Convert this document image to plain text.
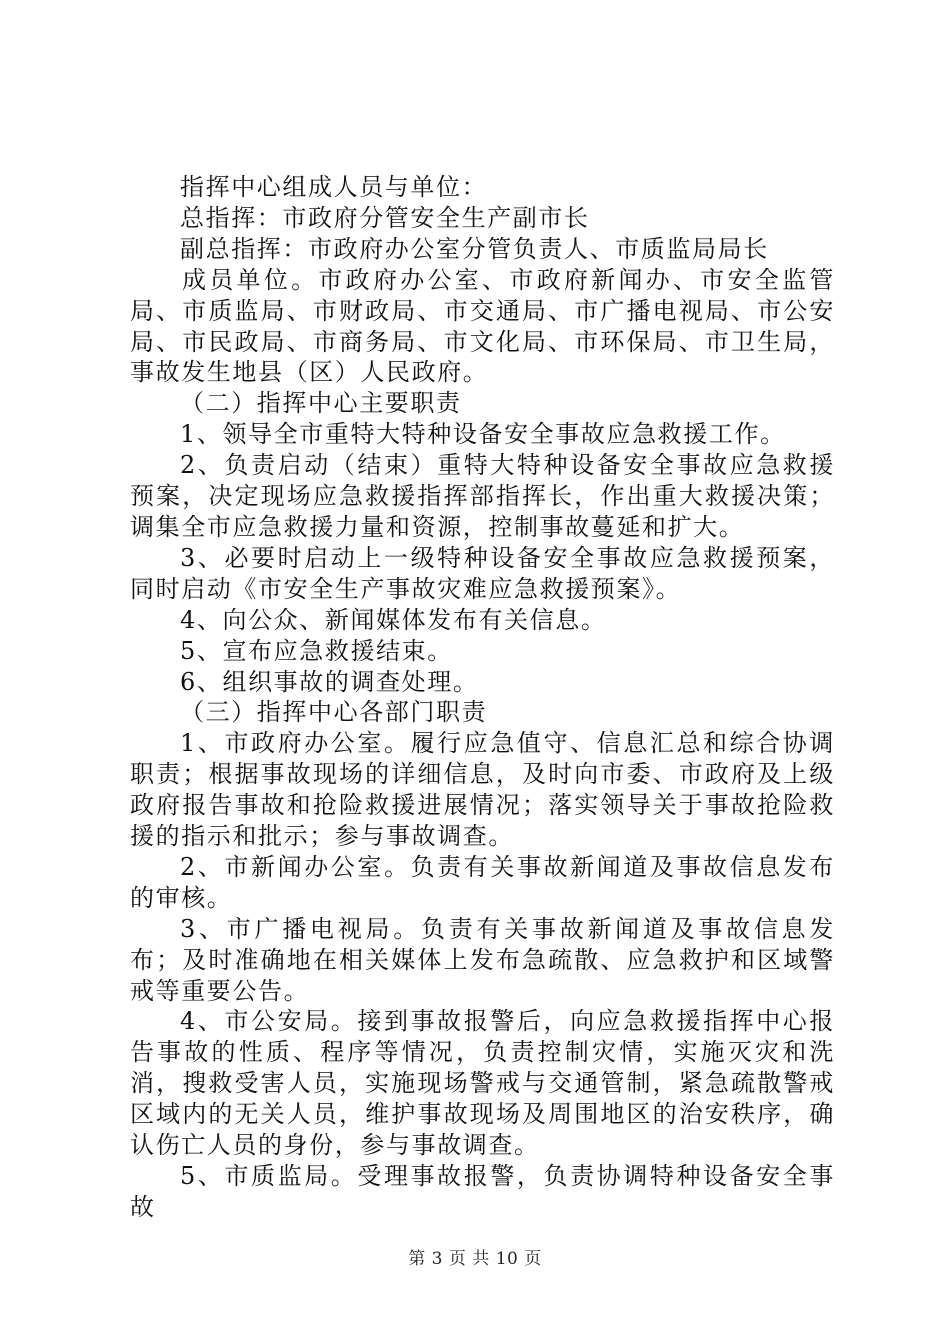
指挥中心组成人员与单位：

总指挥：市政府分管安全生产副市长

副总指挥：市政府办公室分管负责人、市质监局局长

成员单位。市政府办公室、市政府新闻办、市安全监管局、市质监局、市财政局、市交通局、市广播电视局、市公安局、市民政局、市商务局、市文化局、市环保局、市卫生局，事故发生地县（区）人民政府。

（二）指挥中心主要职责

1、领导全市重特大特种设备安全事故应急救援工作。

2、负责启动（结束）重特大特种设备安全事故应急救援预案，决定现场应急救援指挥部指挥长，作出重大救援决策；调集全市应急救援力量和资源，控制事故蔓延和扩大。

3、必要时启动上一级特种设备安全事故应急救援预案，同时启动《市安全生产事故灾难应急救援预案》。

4、向公众、新闻媒体发布有关信息。

5、宣布应急救援结束。

6、组织事故的调查处理。

（三）指挥中心各部门职责

1、市政府办公室。履行应急值守、信息汇总和综合协调职责；根据事故现场的详细信息，及时向市委、市政府及上级政府报告事故和抢险救援进展情况；落实领导关于事故抢险救援的指示和批示；参与事故调查。

2、市新闻办公室。负责有关事故新闻道及事故信息发布的审核。

3、市广播电视局。负责有关事故新闻道及事故信息发布；及时准确地在相关媒体上发布急疏散、应急救护和区域警戒等重要公告。

4、市公安局。接到事故报警后，向应急救援指挥中心报告事故的性质、程序等情况，负责控制灾情，实施灭灾和洗消，搜救受害人员，实施现场警戒与交通管制，紧急疏散警戒区域内的无关人员，维护事故现场及周围地区的治安秩序，确认伤亡人员的身份，参与事故调查。

5、市质监局。受理事故报警，负责协调特种设备安全事故

第 3 页 共 10 页
